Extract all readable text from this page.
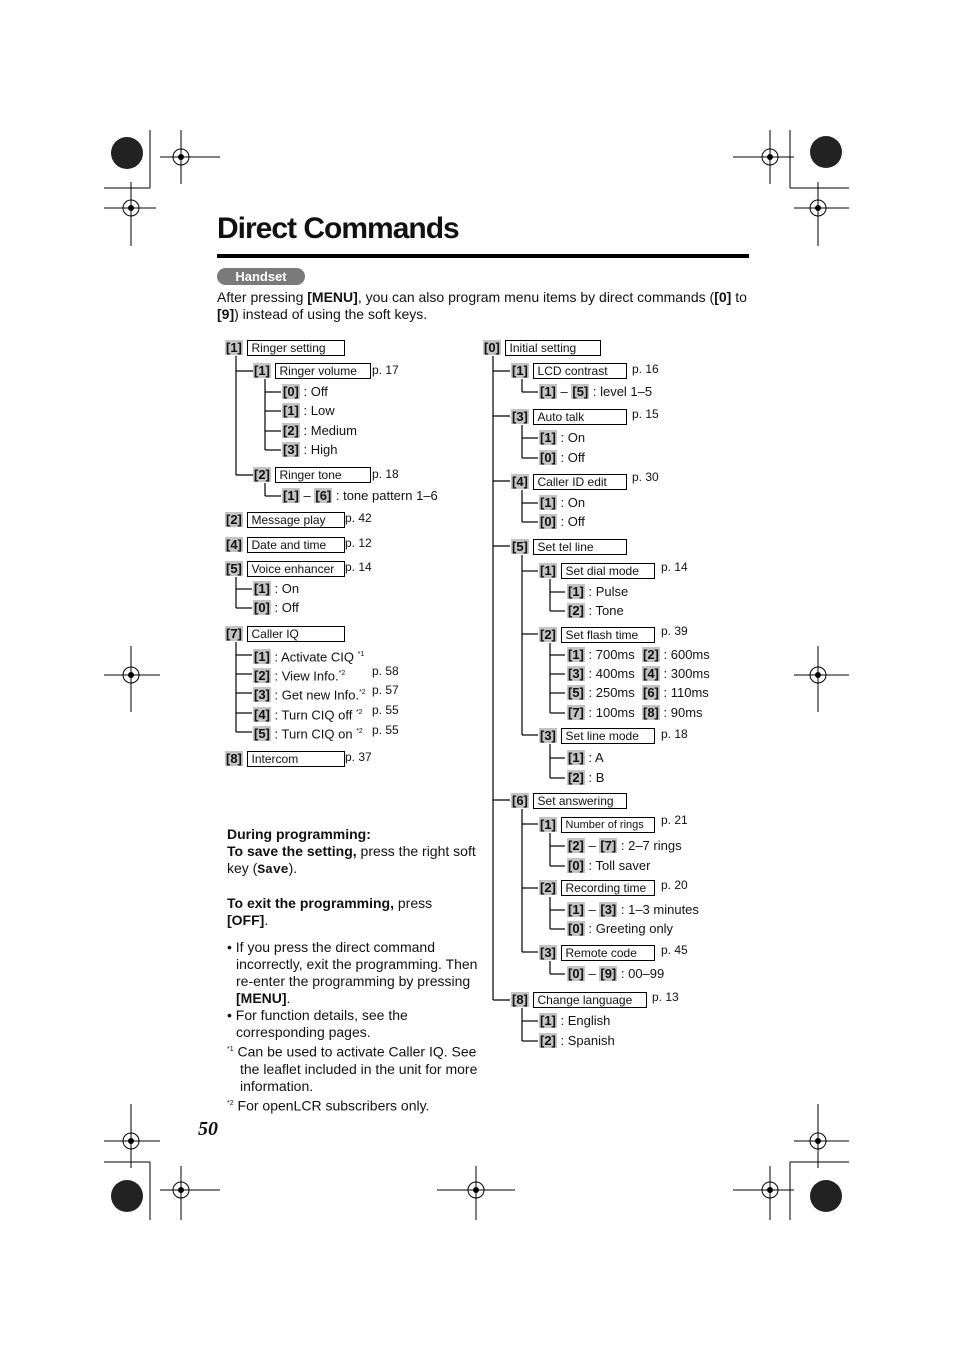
Direct Commands
Handset
After pressing [MENU], you can also program menu items by direct commands ([0] to [9]) instead of using the soft keys.
[1] Ringer setting
[1] Ringer volume	p. 17
[0] : Off
[1] : Low
[2] : Medium
[3] : High
[2] Ringer tone	p. 18
[1] – [6] : tone pattern 1–6
[2] Message play	p. 42
[4] Date and time	p. 12
[5] Voice enhancer p. 14
[1] : On
[0] : Off
[7] Caller IQ
[1] : Activate CIQ $^{*1}$
[2] : View Info.$^{*2}$ p. 58
[3] : Get new Info.$^{*2}$ p. 57
[4] : Turn CIQ off $^{*2}$ p. 55
[5] : Turn CIQ on $^{*2}$ p. 55
[8] Intercom	p. 37
[0] Initial setting
[1] LCD contrast	p. 16
[1] – [5] : level 1–5
[3] Auto talk	p. 15
[1] : On
[0] : Off
[4] Caller ID edit	p. 30
[1] : On
[0] : Off
[5] Set tel line
[1] Set dial mode	p. 14
[1] : Pulse
[2] : Tone
[2] Set flash time	p. 39
[1] : 700ms [2] : 600ms
[3] : 400ms [4] : 300ms
[5] : 250ms [6] : 110ms
[7] : 100ms [8] : 90ms
[3] Set line mode	p. 18
[1] : A
[2] : B
[6] Set answering
[1] Number of rings	p. 21
[2] – [7] : 2–7 rings
[0] : Toll saver
[2] Recording time	p. 20
[1] – [3] : 1–3 minutes
[0] : Greeting only
[3] Remote code	p. 45
[0] – [9] : 00–99
[8] Change language	p. 13
[1] : English
[2] : Spanish

During programming:

To save the setting, press the right soft key (Save).

To exit the programming, press
[OFF].

• If you press the direct command incorrectly, exit the programming. Then re-enter the programming by pressing [MENU].

• For function details, see the corresponding pages.

$^{*1}$ Can be used to activate Caller IQ. See the leaflet included in the unit for more information.

$^{*2}$ For openLCR subscribers only.

50
